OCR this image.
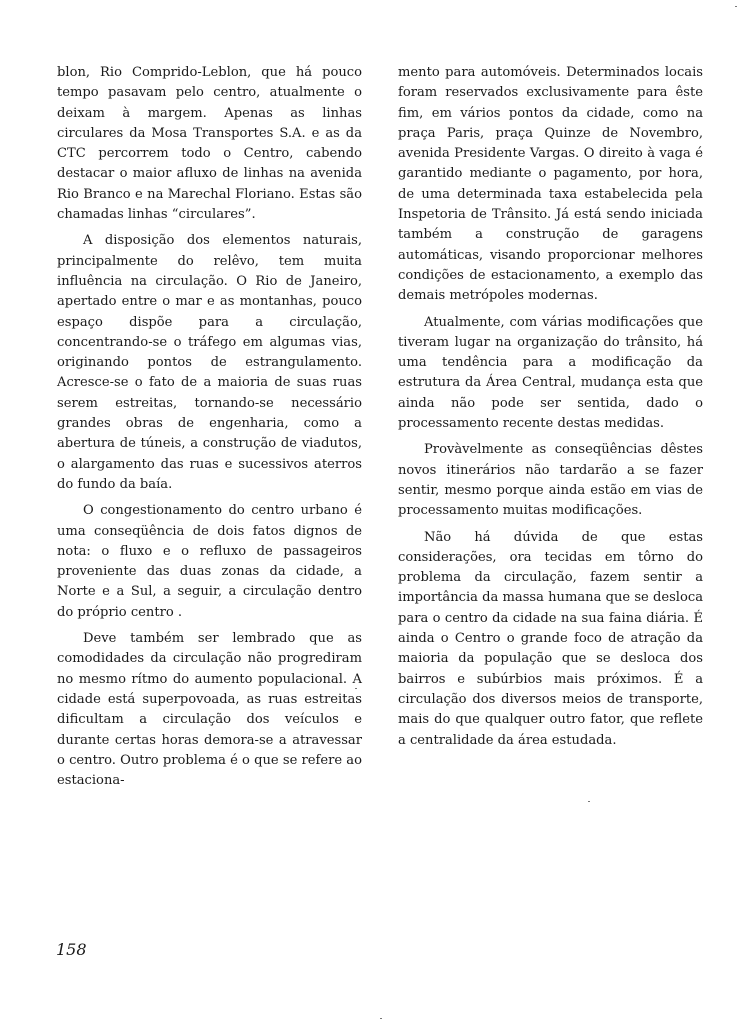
blon, Rio Comprido-Leblon, que há pouco tempo pasavam pelo centro, atualmente o deixam à margem. Apenas as linhas circulares da Mosa Transportes S.A. e as da CTC percorrem todo o Centro, cabendo destacar o maior afluxo de linhas na avenida Rio Branco e na Marechal Floriano. Estas são chamadas linhas “circulares”.

A disposição dos elementos naturais, principalmente do relêvo, tem muita influência na circulação. O Rio de Janeiro, apertado entre o mar e as montanhas, pouco espaço dispõe para a circulação, concentrando-se o tráfego em algumas vias, originando pontos de estrangulamento. Acresce-se o fato de a maioria de suas ruas serem estreitas, tornando-se necessário grandes obras de engenharia, como a abertura de túneis, a construção de viadutos, o alargamento das ruas e sucessivos aterros do fundo da baía.

O congestionamento do centro urbano é uma conseqüência de dois fatos dignos de nota: o fluxo e o refluxo de passageiros proveniente das duas zonas da cidade, a Norte e a Sul, a seguir, a circulação dentro do próprio centro .

Deve também ser lembrado que as comodidades da circulação não progrediram no mesmo rítmo do aumento populacional. A cidade está superpovoada, as ruas estreitas dificultam a circulação dos veículos e durante certas horas demora-se a atravessar o centro. Outro problema é o que se refere ao estaciona-

mento para automóveis. Determinados locais foram reservados exclusivamente para êste fim, em vários pontos da cidade, como na praça Paris, praça Quinze de Novembro, avenida Presidente Vargas. O direito à vaga é garantido mediante o pagamento, por hora, de uma determinada taxa estabelecida pela Inspetoria de Trânsito. Já está sendo iniciada também a construção de garagens automáticas, visando proporcionar melhores condições de estacionamento, a exemplo das demais metrópoles modernas.

Atualmente, com várias modificações que tiveram lugar na organização do trânsito, há uma tendência para a modificação da estrutura da Área Central, mudança esta que ainda não pode ser sentida, dado o processamento recente destas medidas.

Provàvelmente as conseqüências dêstes novos itinerários não tardarão a se fazer sentir, mesmo porque ainda estão em vias de processamento muitas modificações.

Não há dúvida de que estas considerações, ora tecidas em tôrno do problema da circulação, fazem sentir a importância da massa humana que se desloca para o centro da cidade na sua faina diária. É ainda o Centro o grande foco de atração da maioria da população que se desloca dos bairros e subúrbios mais próximos. É a circulação dos diversos meios de transporte, mais do que qualquer outro fator, que reflete a centralidade da área estudada.

158
